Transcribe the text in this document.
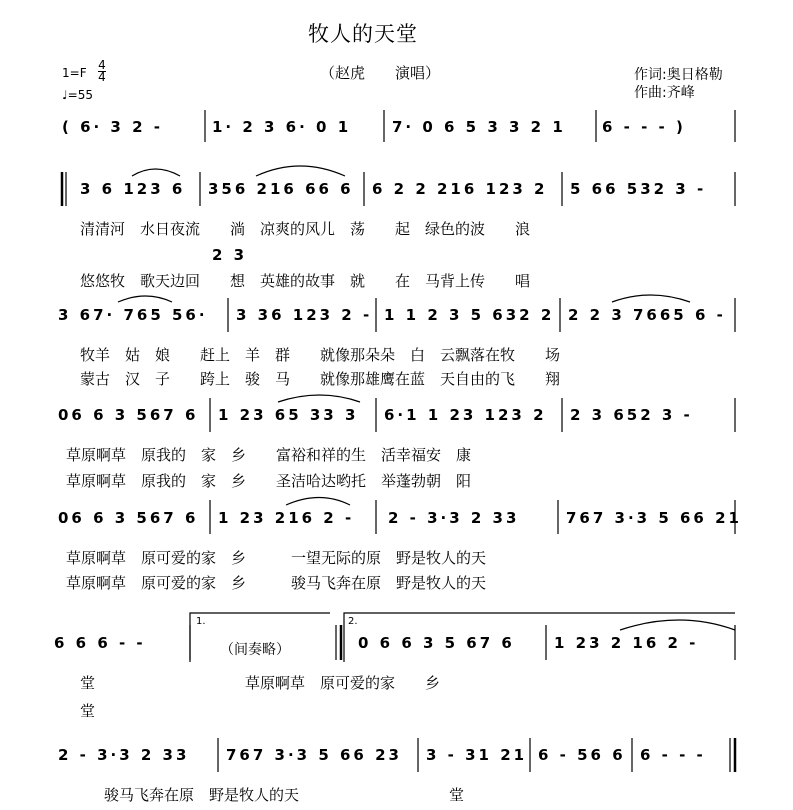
牧人的天堂
（赵虎　　演唱）	作词:奥日格勒
作曲:齐峰
1=F
4
4
♩=55
( 6· 3 2 -	1· 2 3 6· 0 1	7· 0 6 5 3 3 2 1 6 - - - )
3 6 123 6 356 216 66 6 6 2 2 216 123 2 5 66 532 3 -
清清河　水日夜流　　淌　凉爽的风儿　荡　　起　绿色的波　　浪
2 3
悠悠牧　歌天边回　　想　英雄的故事　就　　在　马背上传　　唱
3 67· 765 56· 3 36 123 2 - 1 1 2 3 5 632 2 2 2 3 7665 6 -
牧羊　姑　娘　　赶上　羊　群　　就像那朵朵　白　云飘落在牧　　场
蒙古　汉　子　　跨上　骏　马　　就像那雄鹰在蓝　天自由的飞　　翔
06 6 3 567 6 1 23 65 33 3 6·1 1 23 123 2 2 3 652 3 -
草原啊草　原我的　家　乡　　富裕和祥的生　活幸福安　康
草原啊草　原我的　家　乡　　圣洁哈达哟托　举蓬勃朝　阳
06 6 3 567 6 1 23 216 2 - 2 - 3·3 2 33	767 3·3 5 66 21
草原啊草　原可爱的家　乡　　　一望无际的原　野是牧人的天
草原啊草　原可爱的家　乡　　　骏马飞奔在原　野是牧人的天
1.	2.
6 6 6 - -	（间奏略）	0 6 6 3 5 67 6	1 23 2 16 2 -
堂　　　　　　　　　　草原啊草　原可爱的家　　乡
堂
2 - 3·3 2 33 767 3·3 5 66 23 3 - 31 21 6 - 56 6 6 - - -
骏马飞奔在原　野是牧人的天　　　　　　　　　　堂
